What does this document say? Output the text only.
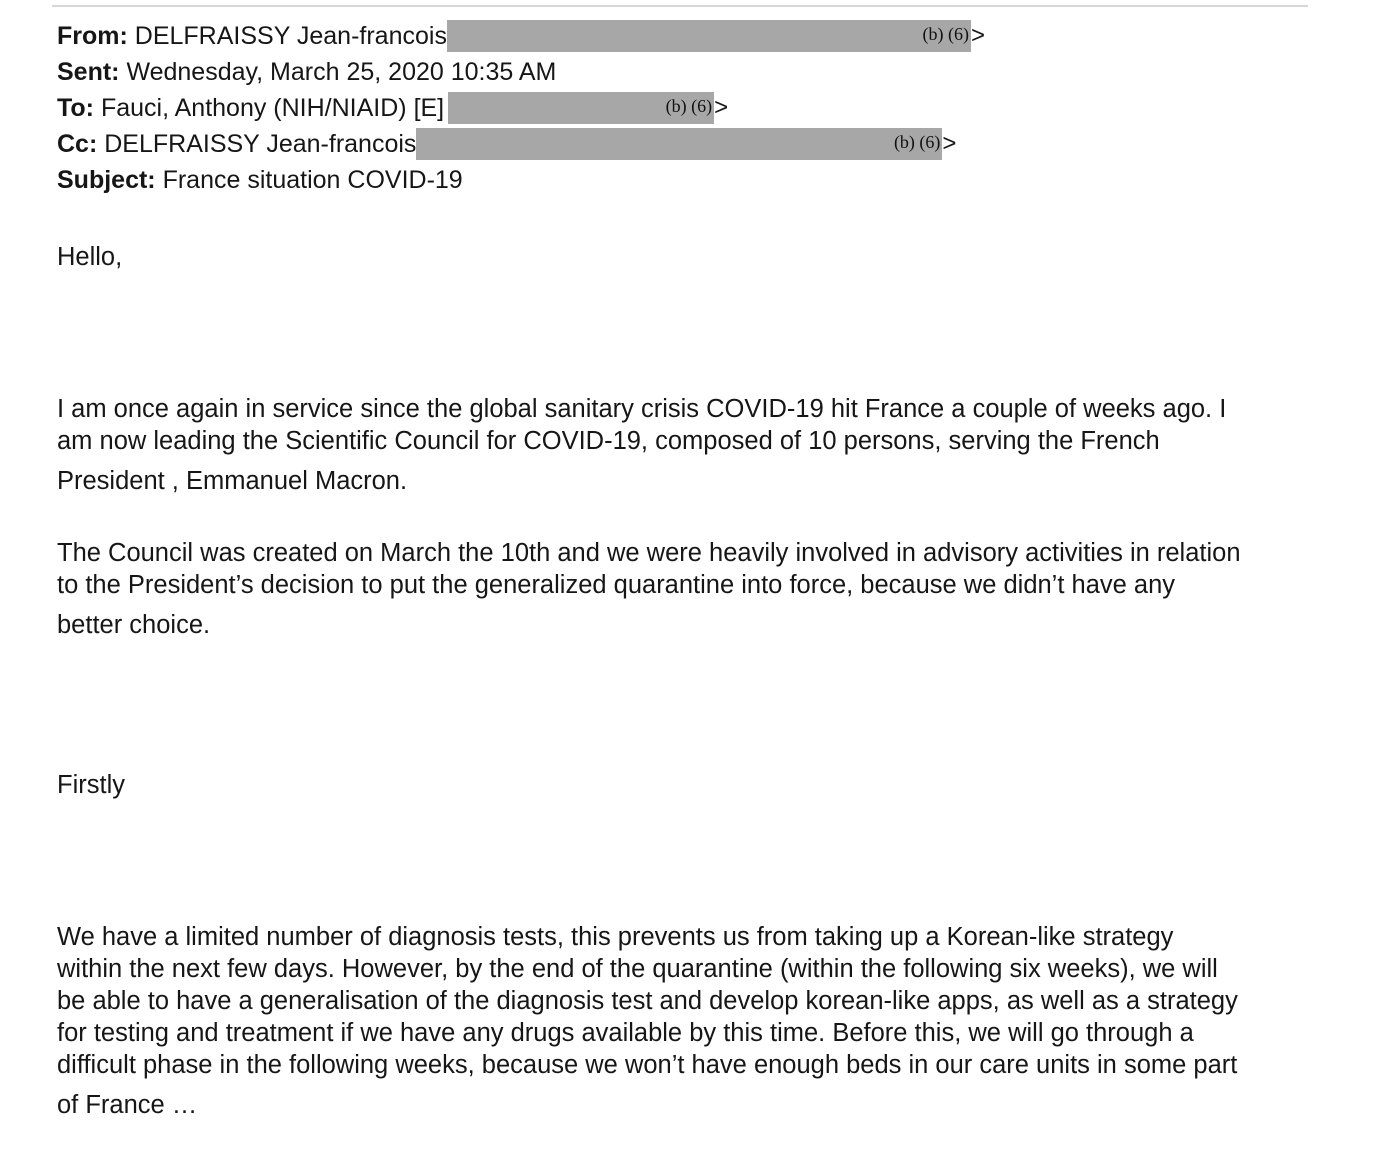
From: DELFRAISSY Jean-francois	(b) (6) >
Sent: Wednesday, March 25, 2020 10:35 AM
To: Fauci, Anthony (NIH/NIAID) [E]	(b) (6) >
Cc: DELFRAISSY Jean-francois	(b) (6) >
Subject: France situation COVID-19
Hello,
I am once again in service since the global sanitary crisis COVID-19 hit France a couple of weeks ago. I
am now leading the Scientific Council for COVID-19, composed of 10 persons, serving the French
President , Emmanuel Macron.
The Council was created on March the 10th and we were heavily involved in advisory activities in relation
to the President’s decision to put the generalized quarantine into force, because we didn’t have any
better choice.
Firstly
We have a limited number of diagnosis tests, this prevents us from taking up a Korean-like strategy
within the next few days. However, by the end of the quarantine (within the following six weeks), we will
be able to have a generalisation of the diagnosis test and develop korean-like apps, as well as a strategy
for testing and treatment if we have any drugs available by this time. Before this, we will go through a
difficult phase in the following weeks, because we won’t have enough beds in our care units in some part
of France …
